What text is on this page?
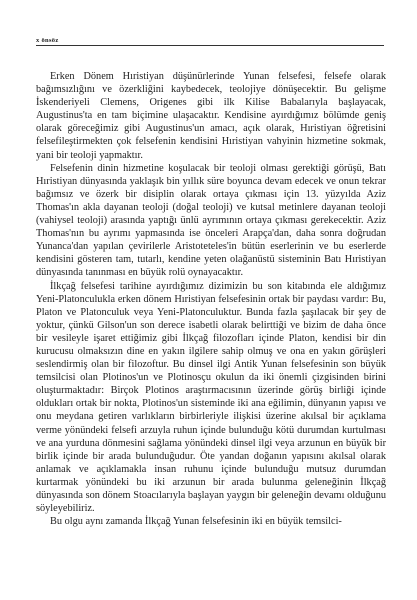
x önsöz

Erken Dönem Hıristiyan düşünürlerinde Yunan felsefesi, felsefe olarak bağımsızlığını ve özerkliğini kaybedecek, teolojiye dönüşecektir. Bu gelişme İskenderiyeli Clemens, Origenes gibi ilk Kilise Babalarıyla başlayacak, Augustinus'ta en tam biçimine ulaşacaktır. Kendisine ayırdığımız bölümde geniş olarak göreceğimiz gibi Augustinus'un amacı, açık olarak, Hıristiyan öğretisini felsefileştirmekten çok felsefenin kendisini Hıristiyan vahyinin hizmetine sokmak, yani bir teoloji yapmaktır.

Felsefenin dinin hizmetine koşulacak bir teoloji olması gerektiği görüşü, Batı Hıristiyan dünyasında yaklaşık bin yıllık süre boyunca devam edecek ve onun tekrar bağımsız ve özerk bir disiplin olarak ortaya çıkması için 13. yüzyılda Aziz Thomas'ın akla dayanan teoloji (doğal teoloji) ve kutsal metinlere dayanan teoloji (vahiysel teoloji) arasında yaptığı ünlü ayrımının ortaya çıkması gerekecektir. Aziz Thomas'nın bu ayrımı yapmasında ise önceleri Arapça'dan, daha sonra doğrudan Yunanca'dan yapılan çevirilerle Aristoteteles'in bütün eserlerinin ve bu eserlerde kendisini gösteren tam, tutarlı, kendine yeten olağanüstü sisteminin Batı Hıristiyan dünyasında tanınması en büyük rolü oynayacaktır.

İlkçağ felsefesi tarihine ayırdığımız dizimizin bu son kitabında ele aldığımız Yeni-Platonculukla erken dönem Hıristiyan felsefesinin ortak bir paydası vardır: Bu, Platon ve Platonculuk veya Yeni-Platonculuktur. Bunda fazla şaşılacak bir şey de yoktur, çünkü Gilson'un son derece isabetli olarak belirttiği ve bizim de daha önce bir vesileyle işaret ettiğimiz gibi İlkçağ filozofları içinde Platon, kendisi bir din kurucusu olmaksızın dine en yakın ilgilere sahip olmuş ve ona en yakın görüşleri seslendirmiş olan bir filozoftur. Bu dinsel ilgi Antik Yunan felsefesinin son büyük temsilcisi olan Plotinos'un ve Plotinosçu okulun da iki önemli çizgisinden birini oluşturmaktadır: Birçok Plotinos araştırmacısının üzerinde görüş birliği içinde oldukları ortak bir nokta, Plotinos'un sisteminde iki ana eğilimin, dünyanın yapısı ve onu meydana getiren varlıkların birbirleriyle ilişkisi üzerine akılsal bir açıklama verme yönündeki felsefi arzuyla ruhun içinde bulunduğu kötü durumdan kurtulması ve ana yurduna dönmesini sağlama yönündeki dinsel ilgi veya arzunun en büyük bir birlik içinde bir arada bulunduğudur. Öte yandan doğanın yapısını akılsal olarak anlamak ve açıklamakla insan ruhunu içinde bulunduğu mutsuz durumdan kurtarmak yönündeki bu iki arzunun bir arada bulunma geleneğinin İlkçağ dünyasında son dönem Stoacılarıyla başlayan yaygın bir geleneğin devamı olduğunu söyleyebiliriz.

Bu olgu aynı zamanda İlkçağ Yunan felsefesinin iki en büyük temsilci-
